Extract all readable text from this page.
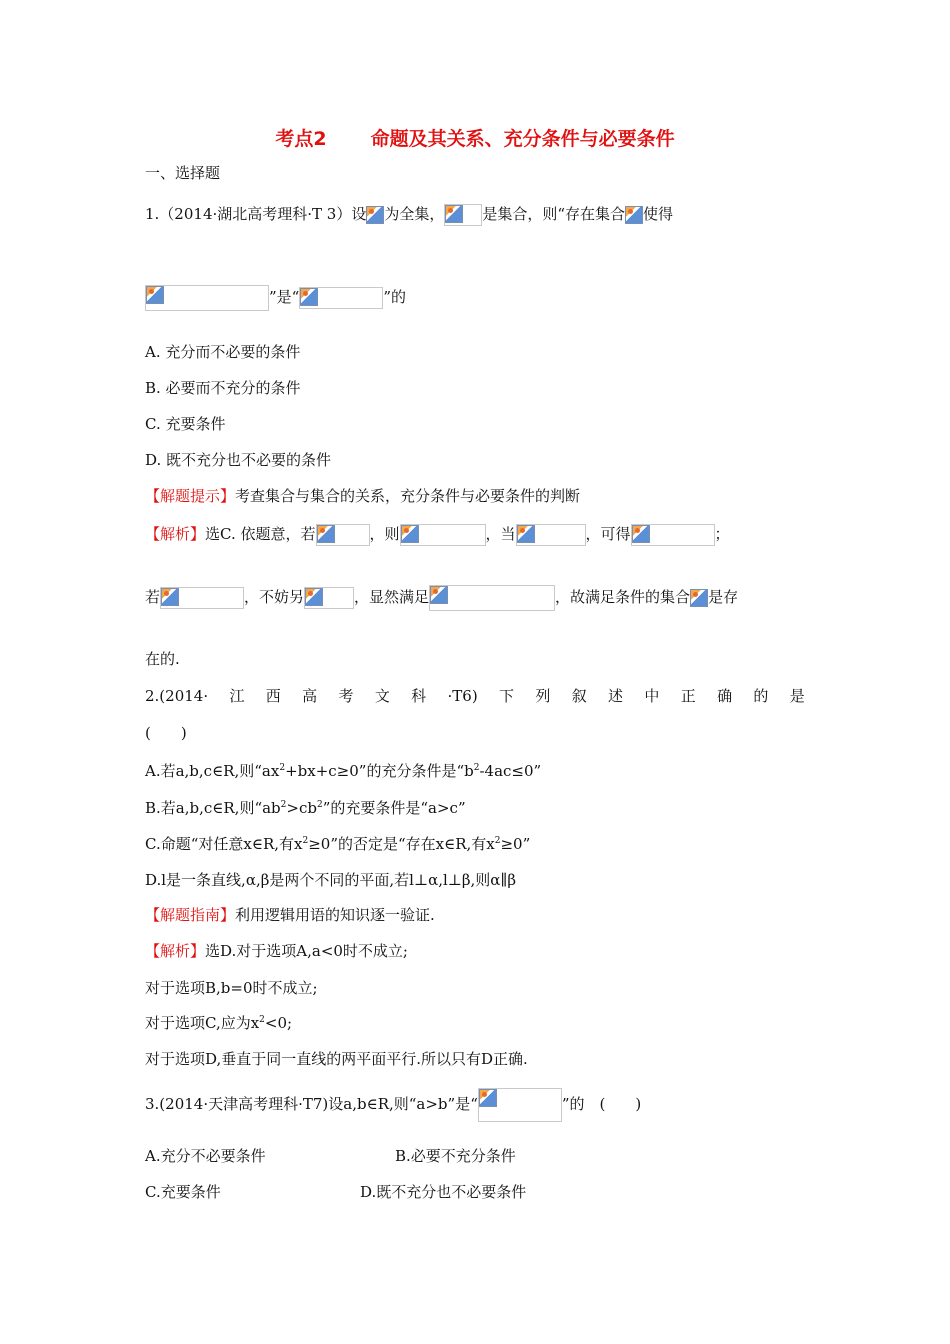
考点2 命题及其关系、充分条件与必要条件
一、选择题
1.（2014·湖北高考理科·T 3）设 为全集，	是集合，则“存在集合 使得
”是“	”的
A. 充分而不必要的条件
B. 必要而不充分的条件
C. 充要条件
D. 既不充分也不必要的条件
【解题提示】考查集合与集合的关系，充分条件与必要条件的判断
【解析】选C. 依题意，若	，则	，当	，可得	；
若	，不妨另	，显然满足	，故满足条件的集合 是存
在的.
2.(2014· 江 西 高 考 文 科 ·T6) 下 列 叙 述 中 正 确 的 是
(　　)
A.若a,b,c∈R,则“$ax^2+bx+c\ge 0$”的充分条件是“$b^2-4ac\le 0$”
B.若a,b,c∈R,则“$ab^2>cb^2$”的充要条件是“a>c”
C.命题“对任意x∈R,有$x^2\ge 0$”的否定是“存在x∈R,有$x^2\ge 0$”
D.l是一条直线,α,β是两个不同的平面,若l⊥α,l⊥β,则α∥β
【解题指南】利用逻辑用语的知识逐一验证.
【解析】选D.对于选项A,a<0时不成立;
对于选项B,b=0时不成立;
对于选项C,应为$x^2<0$;
对于选项D,垂直于同一直线的两平面平行.所以只有D正确.
3.(2014·天津高考理科·T7)设a,b∈R,则“a>b”是“	”的　(　　)
A.充分不必要条件	B.必要不充分条件
C.充要条件	D.既不充分也不必要条件
